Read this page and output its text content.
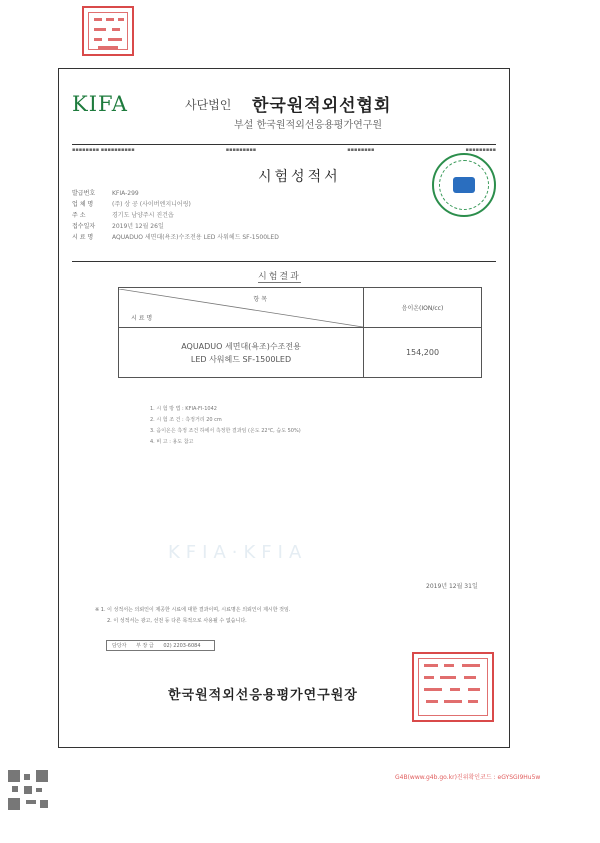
KIFA	사단법인 한국원적외선협회
부설 한국원적외선응용평가연구원
▪▪▪▪▪▪▪▪ ▪▪▪▪▪▪▪▪▪▪	▪▪▪▪▪▪▪▪▪	▪▪▪▪▪▪▪▪	▪▪▪▪▪▪▪▪▪
시험성적서
발급번호	KFIA-299
업 체 명	(주) 상 공 (사이버엔지니어링)
주 소	경기도 남양주시 진건읍
접수일자	2019년 12월 26일
시 료 명	AQUADUO 세면대(욕조)수조전용 LED 사워헤드 SF-1500LED
시험결과
항 목
시 료 명	음이온(ION/cc)

AQUADUO 세면대(욕조)수조전용
LED 사워헤드 SF-1500LED	154,200
1. 시 험 방 법 : KFIA-FI-1042
2. 시 험 조 건 : 측정거리 20 cm
3. 음이온은 측정 조건 하에서 측정한 결과임 (온도 22℃, 습도 50%)
4. 비 고 : 용도 참고
KFIA·KFIA
2019년 12월 31일
※ 1. 이 성적서는 의뢰인이 제공한 시료에 대한 결과이며, 시료명은 의뢰인이 제시한 것임.
2. 이 성적서는 광고, 선전 등 다른 목적으로 사용될 수 없습니다.
담당자 부 장 급 02) 2203-6084
한국원적외선응용평가연구원장
G4B(www.g4b.go.kr)진위확인코드 : eGYSGI9Hu5w
